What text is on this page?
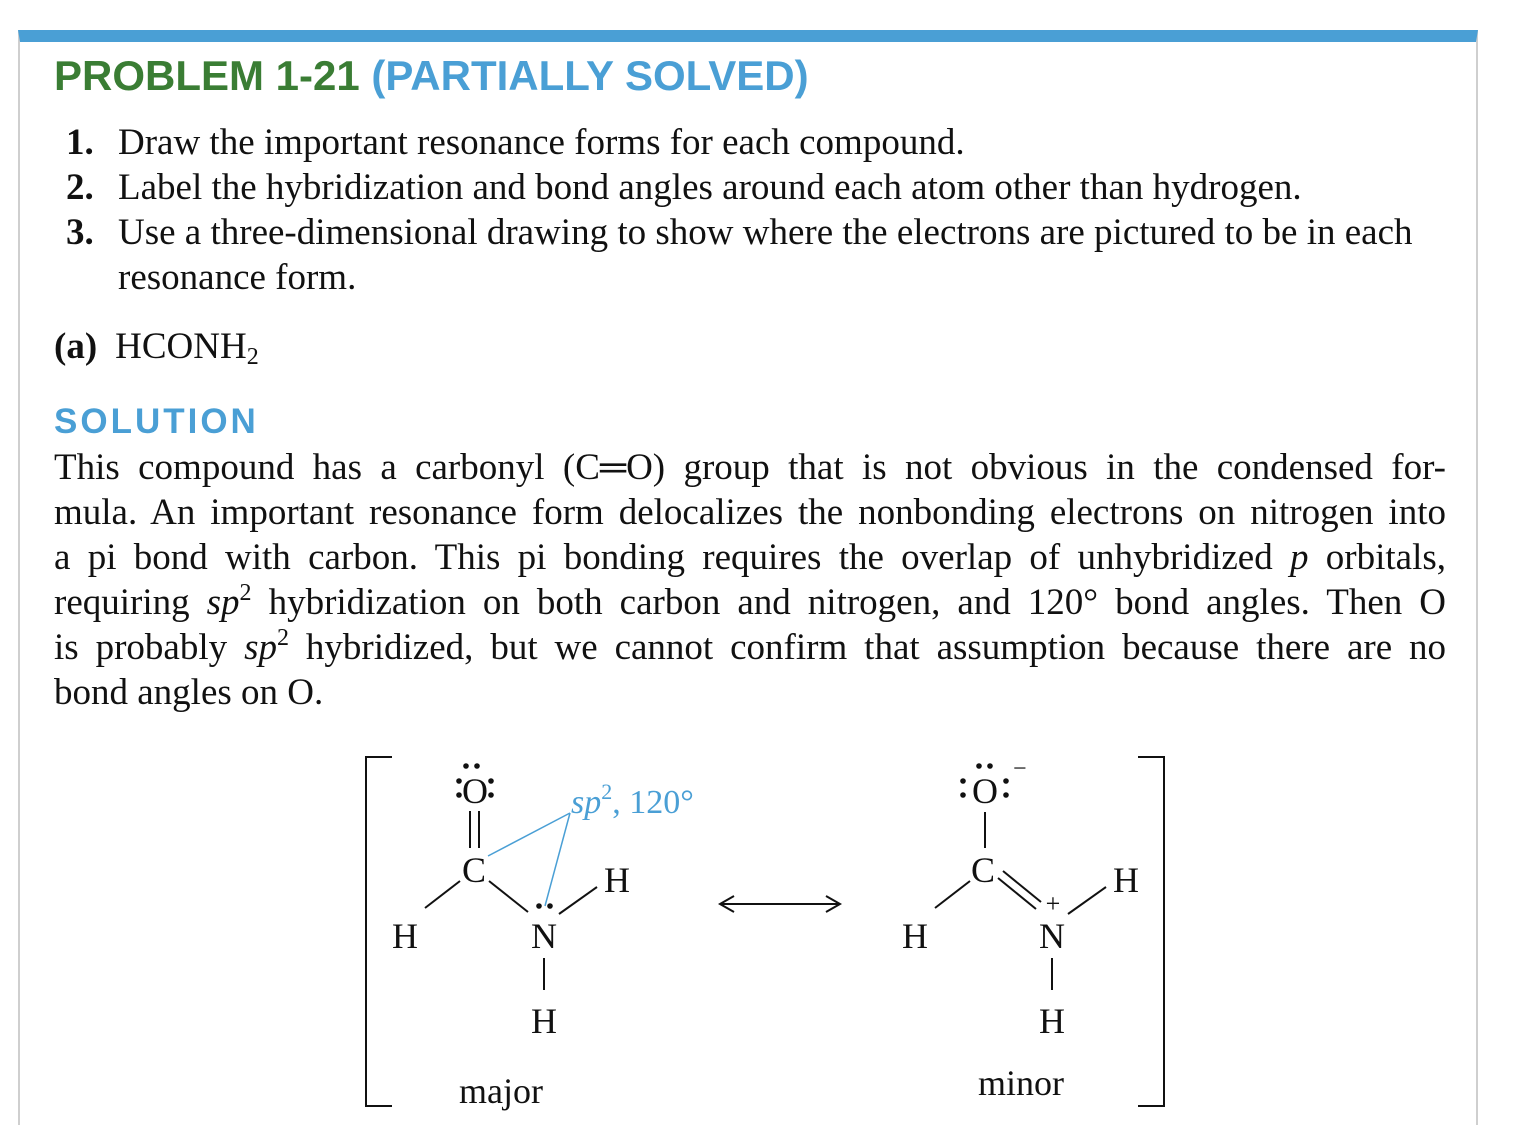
PROBLEM 1-21 (PARTIALLY SOLVED)
1. Draw the important resonance forms for each compound.
2. Label the hybridization and bond angles around each atom other than hydrogen.
3. Use a three-dimensional drawing to show where the electrons are pictured to be in each resonance form.
(a) $HCONH_2$
SOLUTION
This compound has a carbonyl (C═O) group that is not obvious in the condensed for-
mula. An important resonance form delocalizes the nonbonding electrons on nitrogen into
a pi bond with carbon. This pi bonding requires the overlap of unhybridized p orbitals,
requiring $sp^2$ hybridization on both carbon and nitrogen, and 120° bond angles. Then O
is probably $sp^2$ hybridized, but we cannot confirm that assumption because there are no
bond angles on O.
O
C
H	N
H
H
major
$sp^2$, 120°	O
−
C
H
+
N
H
H
minor
